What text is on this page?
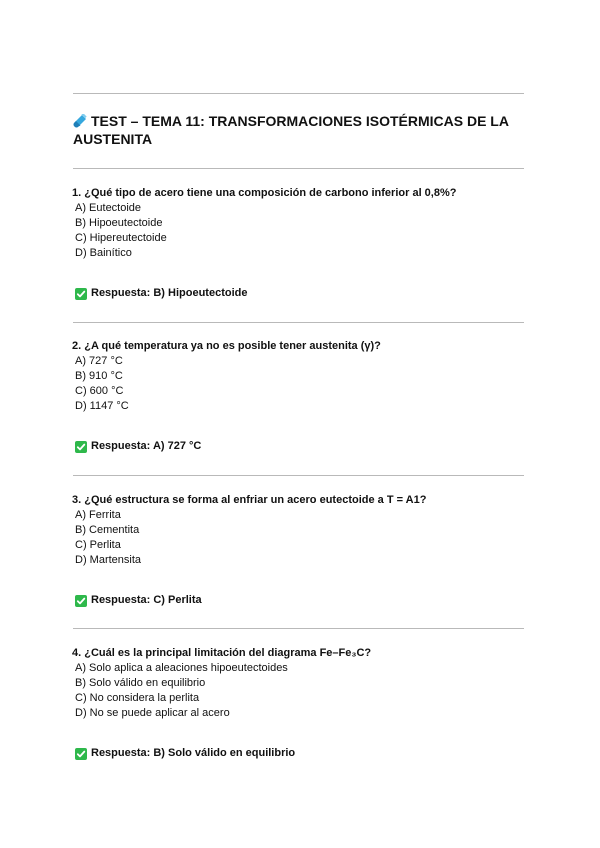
TEST – TEMA 11: TRANSFORMACIONES ISOTÉRMICAS DE LA AUSTENITA
1. ¿Qué tipo de acero tiene una composición de carbono inferior al 0,8%?
A) Eutectoide
B) Hipoeutectoide
C) Hipereutectoide
D) Bainítico
Respuesta: B) Hipoeutectoide
2. ¿A qué temperatura ya no es posible tener austenita (γ)?
A) 727 °C
B) 910 °C
C) 600 °C
D) 1147 °C
Respuesta: A) 727 °C
3. ¿Qué estructura se forma al enfriar un acero eutectoide a T = A1?
A) Ferrita
B) Cementita
C) Perlita
D) Martensita
Respuesta: C) Perlita
4. ¿Cuál es la principal limitación del diagrama Fe–Fe₃C?
A) Solo aplica a aleaciones hipoeutectoides
B) Solo válido en equilibrio
C) No considera la perlita
D) No se puede aplicar al acero
Respuesta: B) Solo válido en equilibrio
